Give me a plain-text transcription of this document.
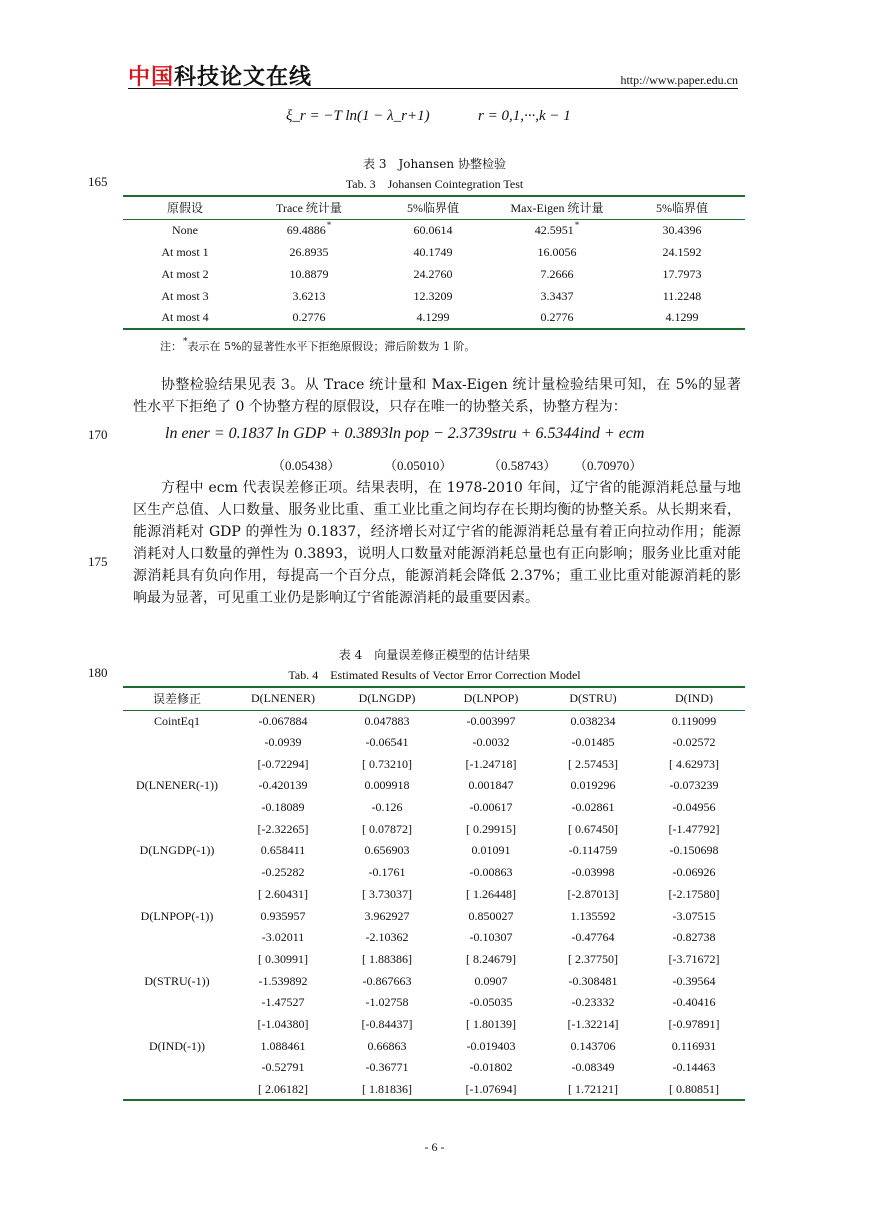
中国科技论文在线	http://www.paper.edu.cn
ξ_r = −T ln(1 − λ_r+1)	r = 0,1,···,k − 1
165
170
175
180
表 3　Johansen 协整检验
Tab. 3　Johansen Cointegration Test
原假设	Trace 统计量	5%临界值	Max-Eigen 统计量	5%临界值
None	69.4886*	60.0614	42.5951*	30.4396
At most 1	26.8935	40.1749	16.0056	24.1592
At most 2	10.8879	24.2760	7.2666	17.7973
At most 3	3.6213	12.3209	3.3437	11.2248
At most 4	0.2776	4.1299	0.2776	4.1299
注：*表示在 5%的显著性水平下拒绝原假设；滞后阶数为 1 阶。
协整检验结果见表 3。从 Trace 统计量和 Max-Eigen 统计量检验结果可知，在 5%的显著性水平下拒绝了 0 个协整方程的原假设，只存在唯一的协整关系，协整方程为：
ln ener = 0.1837 ln GDP + 0.3893ln pop − 2.3739stru + 6.5344ind + ecm
（0.05438）	（0.05010）	（0.58743） （0.70970）
方程中 ecm 代表误差修正项。结果表明，在 1978-2010 年间，辽宁省的能源消耗总量与地区生产总值、人口数量、服务业比重、重工业比重之间均存在长期均衡的协整关系。从长期来看，能源消耗对 GDP 的弹性为 0.1837，经济增长对辽宁省的能源消耗总量有着正向拉动作用；能源消耗对人口数量的弹性为 0.3893，说明人口数量对能源消耗总量也有正向影响；服务业比重对能源消耗具有负向作用，每提高一个百分点，能源消耗会降低 2.37%；重工业比重对能源消耗的影响最为显著，可见重工业仍是影响辽宁省能源消耗的最重要因素。
表 4　向量误差修正模型的估计结果
Tab. 4　Estimated Results of Vector Error Correction Model
误差修正	D(LNENER)	D(LNGDP)	D(LNPOP)	D(STRU)	D(IND)
CointEq1	-0.067884	0.047883	-0.003997	0.038234	0.119099
	-0.0939	-0.06541	-0.0032	-0.01485	-0.02572
	[-0.72294]	[ 0.73210]	[-1.24718]	[ 2.57453]	[ 4.62973]
D(LNENER(-1))	-0.420139	0.009918	0.001847	0.019296	-0.073239
	-0.18089	-0.126	-0.00617	-0.02861	-0.04956
	[-2.32265]	[ 0.07872]	[ 0.29915]	[ 0.67450]	[-1.47792]
D(LNGDP(-1))	0.658411	0.656903	0.01091	-0.114759	-0.150698
	-0.25282	-0.1761	-0.00863	-0.03998	-0.06926
	[ 2.60431]	[ 3.73037]	[ 1.26448]	[-2.87013]	[-2.17580]
D(LNPOP(-1))	0.935957	3.962927	0.850027	1.135592	-3.07515
	-3.02011	-2.10362	-0.10307	-0.47764	-0.82738
	[ 0.30991]	[ 1.88386]	[ 8.24679]	[ 2.37750]	[-3.71672]
D(STRU(-1))	-1.539892	-0.867663	0.0907	-0.308481	-0.39564
	-1.47527	-1.02758	-0.05035	-0.23332	-0.40416
	[-1.04380]	[-0.84437]	[ 1.80139]	[-1.32214]	[-0.97891]
D(IND(-1))	1.088461	0.66863	-0.019403	0.143706	0.116931
	-0.52791	-0.36771	-0.01802	-0.08349	-0.14463
	[ 2.06182]	[ 1.81836]	[-1.07694]	[ 1.72121]	[ 0.80851]
- 6 -
